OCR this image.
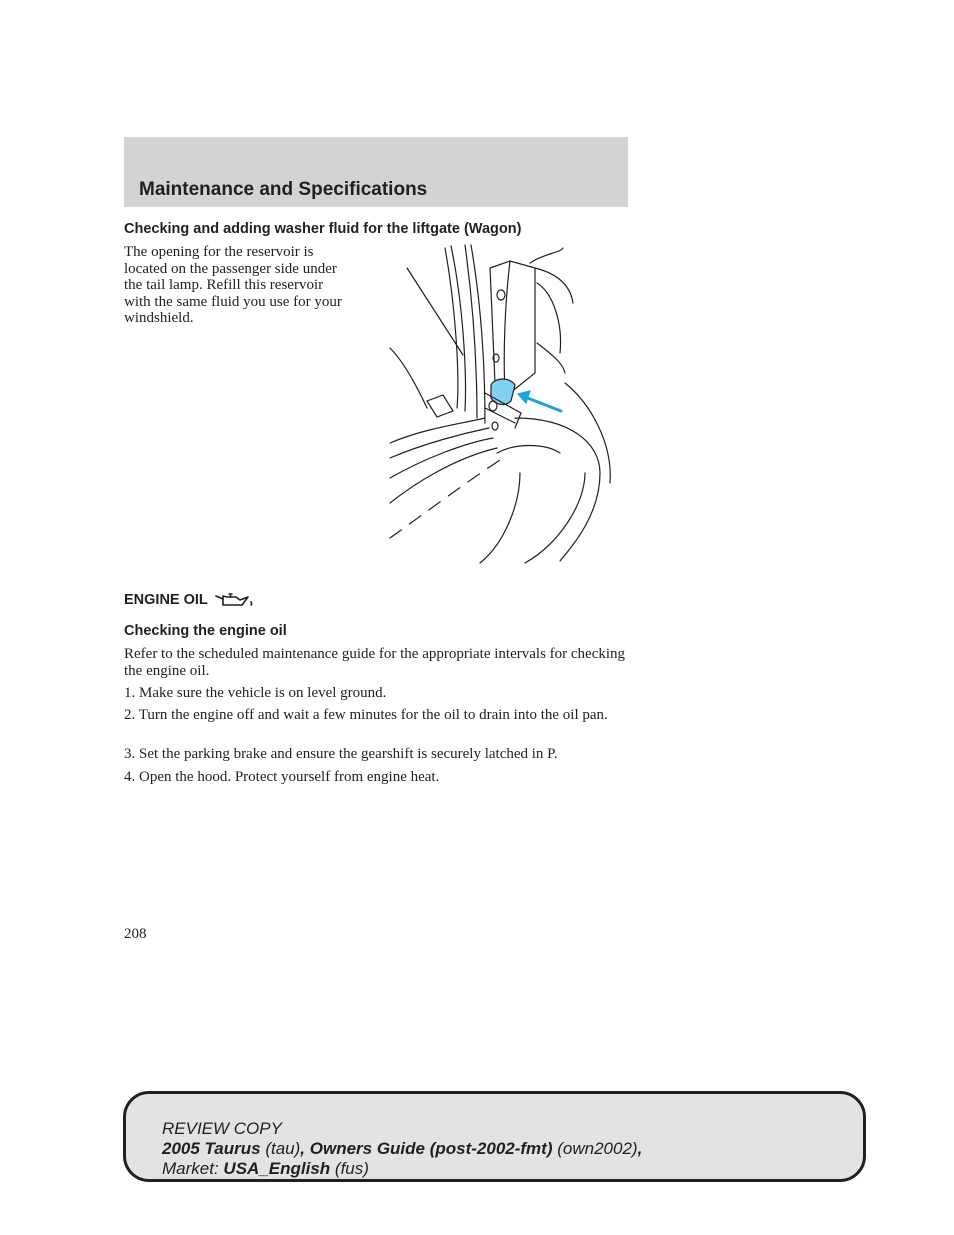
Maintenance and Specifications
Checking and adding washer fluid for the liftgate (Wagon)
The opening for the reservoir is
located on the passenger side under
the tail lamp. Refill this reservoir
with the same fluid you use for your
windshield.
ENGINE OIL
Checking the engine oil
Refer to the scheduled maintenance guide for the appropriate intervals for checking the engine oil.
1. Make sure the vehicle is on level ground.
2. Turn the engine off and wait a few minutes for the oil to drain into the oil pan.
3. Set the parking brake and ensure the gearshift is securely latched in P.
4. Open the hood. Protect yourself from engine heat.
208
REVIEW COPY
2005 Taurus (tau), Owners Guide (post-2002-fmt) (own2002),
Market: USA_English (fus)
